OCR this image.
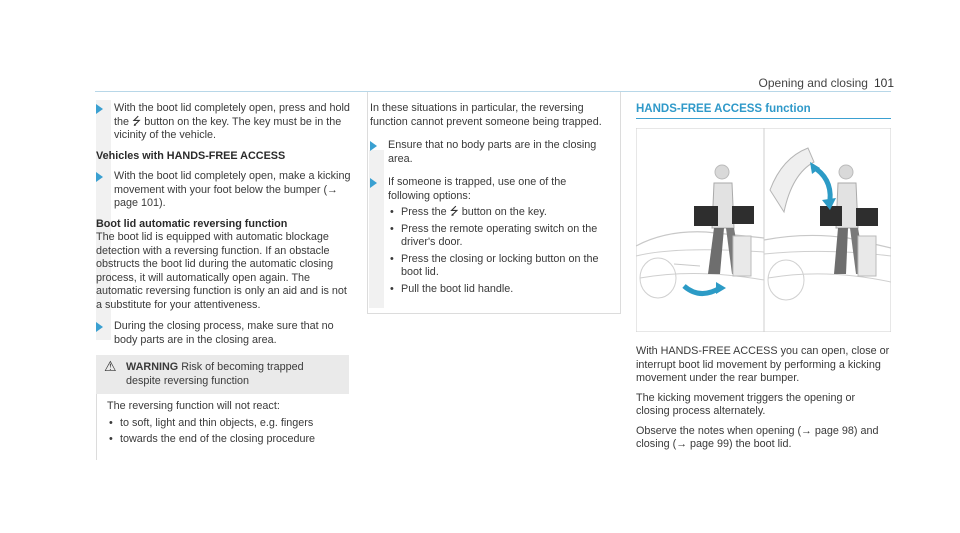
Opening and closing 101
With the boot lid completely open, press and hold the ⭍ button on the key. The key must be in the vicinity of the vehicle.
Vehicles with HANDS-FREE ACCESS
With the boot lid completely open, make a kicking movement with your foot below the bumper (→ page 101).
Boot lid automatic reversing function
The boot lid is equipped with automatic blockage detection with a reversing function. If an obstacle obstructs the boot lid during the automatic closing process, it will automatically open again. The automatic reversing function is only an aid and is not a substitute for your attentiveness.
During the closing process, make sure that no body parts are in the closing area.
⚠ WARNING Risk of becoming trapped despite reversing function
The reversing function will not react:
• to soft, light and thin objects, e.g. fingers
• towards the end of the closing procedure
In these situations in particular, the reversing function cannot prevent someone being trapped.
Ensure that no body parts are in the closing area.
If someone is trapped, use one of the following options:
• Press the ⭍ button on the key.
• Press the remote operating switch on the driver's door.
• Press the closing or locking button on the boot lid.
• Pull the boot lid handle.
HANDS-FREE ACCESS function
With HANDS-FREE ACCESS you can open, close or interrupt boot lid movement by performing a kicking movement under the rear bumper.
The kicking movement triggers the opening or closing process alternately.
Observe the notes when opening (→ page 98) and closing (→ page 99) the boot lid.
